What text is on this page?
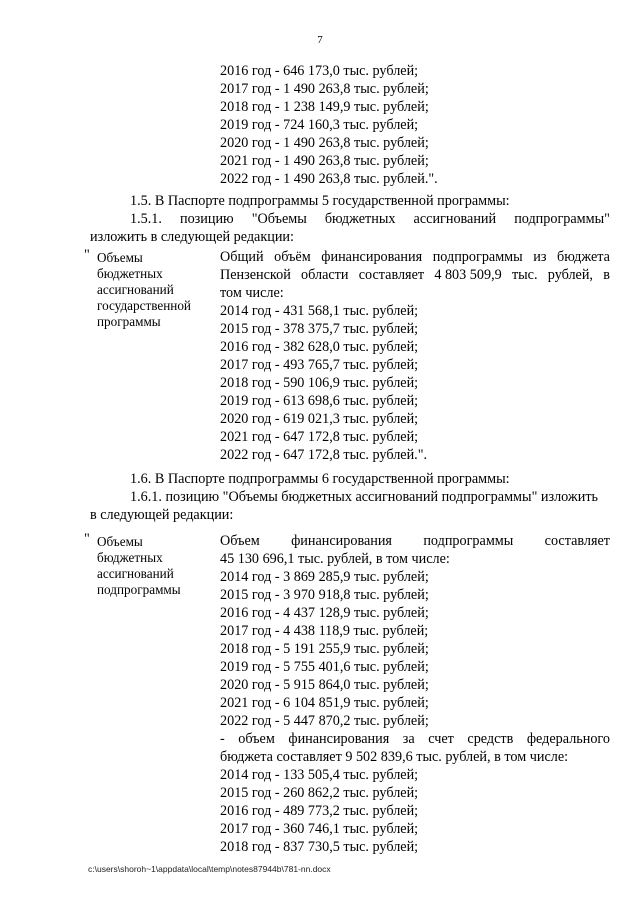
7
2016 год - 646 173,0 тыс. рублей;
2017 год - 1 490 263,8 тыс. рублей;
2018 год - 1 238 149,9 тыс. рублей;
2019 год - 724 160,3 тыс. рублей;
2020 год - 1 490 263,8 тыс. рублей;
2021 год - 1 490 263,8 тыс. рублей;
2022 год - 1 490 263,8 тыс. рублей.".
1.5. В Паспорте подпрограммы 5 государственной программы:
1.5.1. позицию "Объемы бюджетных ассигнований подпрограммы"
изложить в следующей редакции:
" Объемы
бюджетных
ассигнований
государственной
программы
Общий объём финансирования подпрограммы из бюджета
Пензенской области составляет 4 803 509,9 тыс. рублей, в
том числе:
2014 год - 431 568,1 тыс. рублей;
2015 год - 378 375,7 тыс. рублей;
2016 год - 382 628,0 тыс. рублей;
2017 год - 493 765,7 тыс. рублей;
2018 год - 590 106,9 тыс. рублей;
2019 год - 613 698,6 тыс. рублей;
2020 год - 619 021,3 тыс. рублей;
2021 год - 647 172,8 тыс. рублей;
2022 год - 647 172,8 тыс. рублей.".
1.6. В Паспорте подпрограммы 6 государственной программы:
1.6.1. позицию "Объемы бюджетных ассигнований подпрограммы" изложить
в следующей редакции:
" Объемы
бюджетных
ассигнований
подпрограммы
Объем финансирования подпрограммы составляет
45 130 696,1 тыс. рублей, в том числе:
2014 год - 3 869 285,9 тыс. рублей;
2015 год - 3 970 918,8 тыс. рублей;
2016 год - 4 437 128,9 тыс. рублей;
2017 год - 4 438 118,9 тыс. рублей;
2018 год - 5 191 255,9 тыс. рублей;
2019 год - 5 755 401,6 тыс. рублей;
2020 год - 5 915 864,0 тыс. рублей;
2021 год - 6 104 851,9 тыс. рублей;
2022 год - 5 447 870,2 тыс. рублей;
- объем финансирования за счет средств федерального
бюджета составляет 9 502 839,6 тыс. рублей, в том числе:
2014 год - 133 505,4 тыс. рублей;
2015 год - 260 862,2 тыс. рублей;
2016 год - 489 773,2 тыс. рублей;
2017 год - 360 746,1 тыс. рублей;
2018 год - 837 730,5 тыс. рублей;
c:\users\shoroh~1\appdata\local\temp\notes87944b\781-nn.docx
